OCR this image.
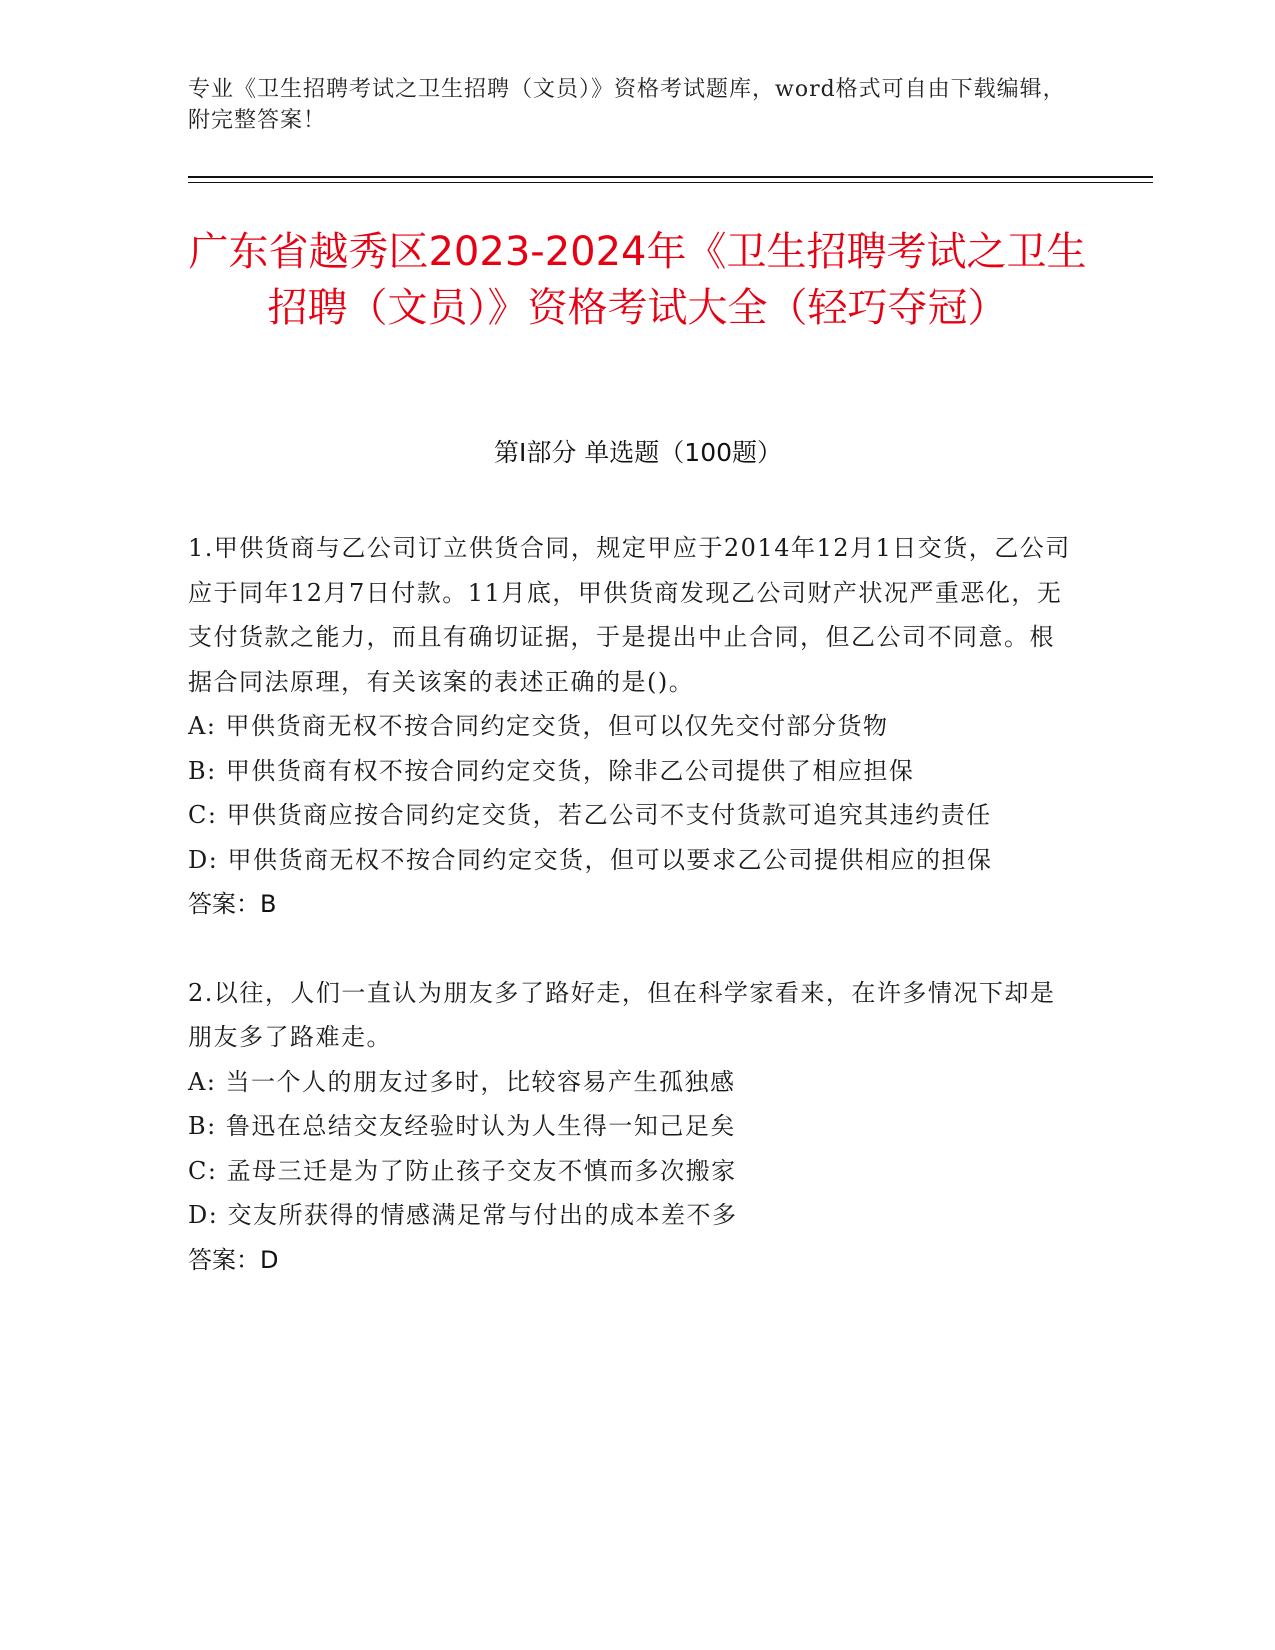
专业《卫生招聘考试之卫生招聘（文员）》资格考试题库，word格式可自由下载编辑，附完整答案！
广东省越秀区2023-2024年《卫生招聘考试之卫生招聘（文员）》资格考试大全（轻巧夺冠）
第I部分 单选题（100题）

1.甲供货商与乙公司订立供货合同，规定甲应于2014年12月1日交货，乙公司应于同年12月7日付款。11月底，甲供货商发现乙公司财产状况严重恶化，无支付货款之能力，而且有确切证据，于是提出中止合同，但乙公司不同意。根据合同法原理，有关该案的表述正确的是()。

A: 甲供货商无权不按合同约定交货，但可以仅先交付部分货物

B: 甲供货商有权不按合同约定交货，除非乙公司提供了相应担保

C: 甲供货商应按合同约定交货，若乙公司不支付货款可追究其违约责任

D: 甲供货商无权不按合同约定交货，但可以要求乙公司提供相应的担保

答案：B

2.以往，人们一直认为朋友多了路好走，但在科学家看来，在许多情况下却是朋友多了路难走。

A: 当一个人的朋友过多时，比较容易产生孤独感

B: 鲁迅在总结交友经验时认为人生得一知己足矣

C: 孟母三迁是为了防止孩子交友不慎而多次搬家

D: 交友所获得的情感满足常与付出的成本差不多

答案：D
